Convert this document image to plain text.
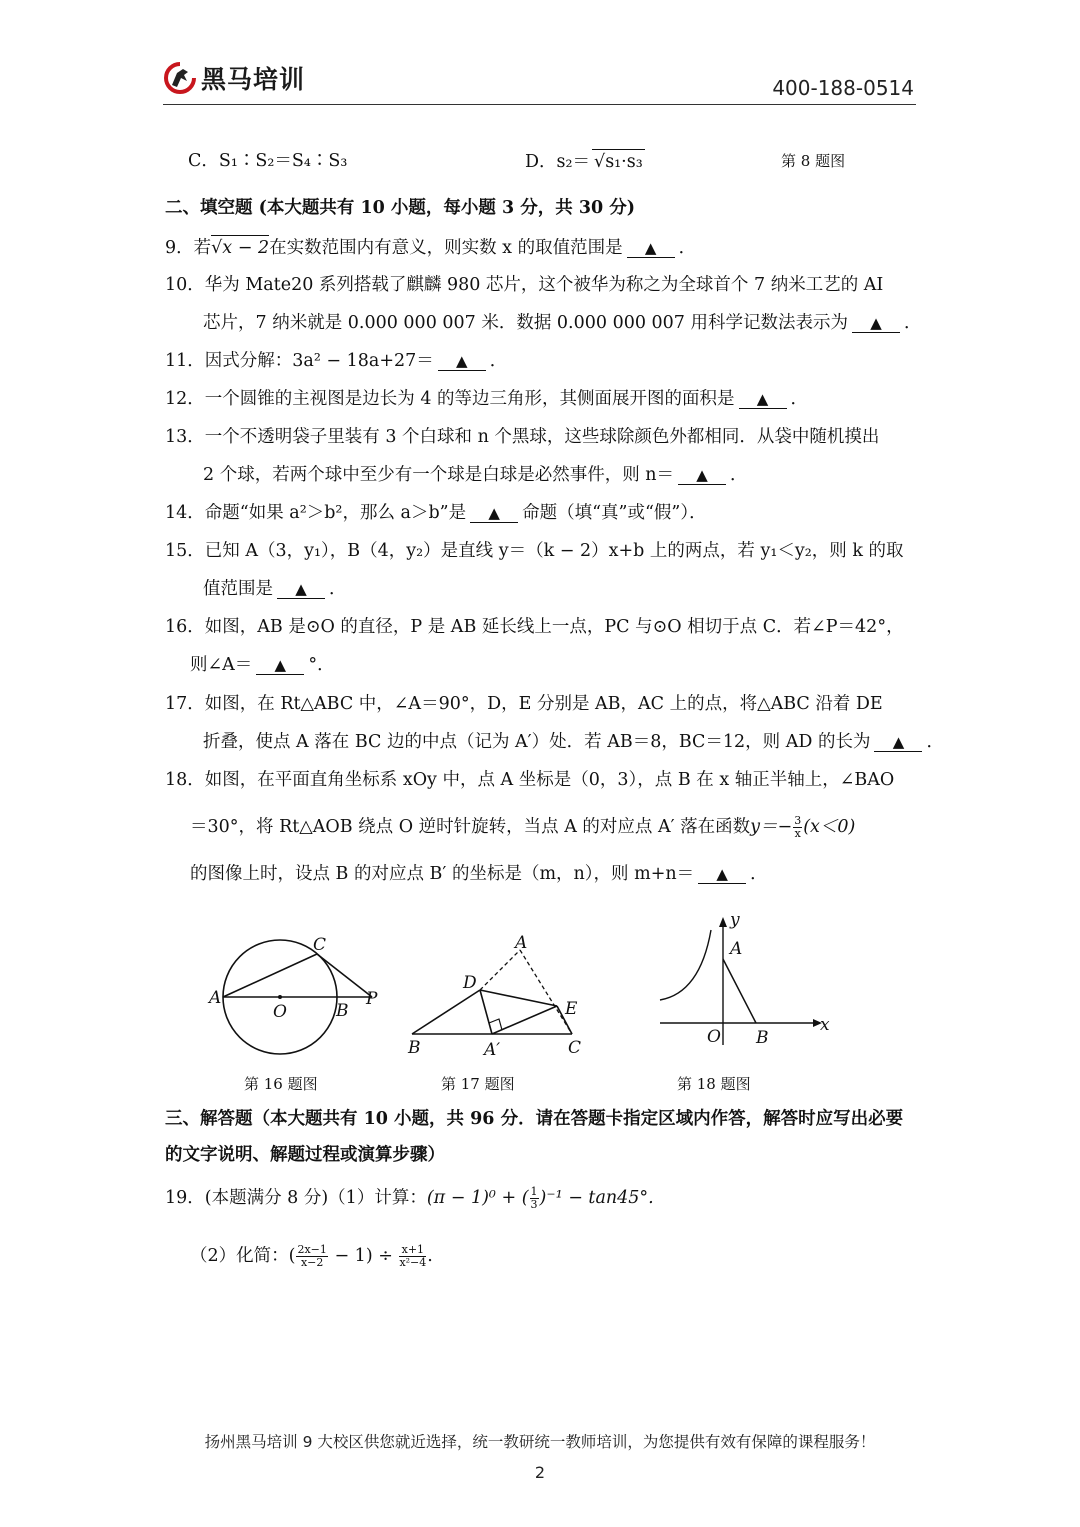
黑马培训	400-188-0514
C．S₁∶S₂＝S₄∶S₃	D．s₂＝ √s₁·s₃	第 8 题图
二、填空题 (本大题共有 10 小题，每小题 3 分，共 30 分)
9．若√x − 2在实数范围内有意义，则实数 x 的取值范围是 ▲ ．
10．华为 Mate20 系列搭载了麒麟 980 芯片，这个被华为称之为全球首个 7 纳米工艺的 AI
芯片，7 纳米就是 0.000 000 007 米．数据 0.000 000 007 用科学记数法表示为 ▲ ．
11．因式分解：3a² − 18a+27＝ ▲ ．
12．一个圆锥的主视图是边长为 4 的等边三角形，其侧面展开图的面积是 ▲ ．
13．一个不透明袋子里装有 3 个白球和 n 个黑球，这些球除颜色外都相同．从袋中随机摸出
2 个球，若两个球中至少有一个球是白球是必然事件，则 n＝ ▲ ．
14．命题“如果 a²＞b²，那么 a＞b”是 ▲ 命题（填“真”或“假”）．
15．已知 A（3，y₁），B（4，y₂）是直线 y＝（k − 2）x+b 上的两点，若 y₁＜y₂，则 k 的取
值范围是 ▲ ．
16．如图，AB 是⊙O 的直径，P 是 AB 延长线上一点，PC 与⊙O 相切于点 C．若∠P＝42°，
则∠A＝ ▲ °．
17．如图，在 Rt△ABC 中，∠A＝90°，D，E 分别是 AB，AC 上的点，将△ABC 沿着 DE
折叠，使点 A 落在 BC 边的中点（记为 A′）处．若 AB＝8，BC＝12，则 AD 的长为 ▲ ．
18．如图，在平面直角坐标系 xOy 中，点 A 坐标是（0，3），点 B 在 x 轴正半轴上，∠BAO
＝30°，将 Rt△AOB 绕点 O 逆时针旋转，当点 A 的对应点 A′ 落在函数$y=- \frac{3}{x} (x<0)$
的图像上时，设点 B 的对应点 B′ 的坐标是（m，n），则 m+n＝ ▲ ．
A
O	B
P
C
第 16 题图
A
D
E
B	A′	C
第 17 题图
y
A
x
O B
第 18 题图
三、解答题（本大题共有 10 小题，共 96 分．请在答题卡指定区域内作答，解答时应写出必要
的文字说明、解题过程或演算步骤）
19．(本题满分 8 分)（1）计算：(π − 1)⁰ + ( $\frac{1}{3} )^{-1} - \tan 45^\circ$.
（2）化简：( $\frac{2x-1}{x-2} - 1) \div \frac{x+1}{\text{x²−4}}$ .
扬州黑马培训 9 大校区供您就近选择，统一教研统一教师培训，为您提供有效有保障的课程服务！
2
